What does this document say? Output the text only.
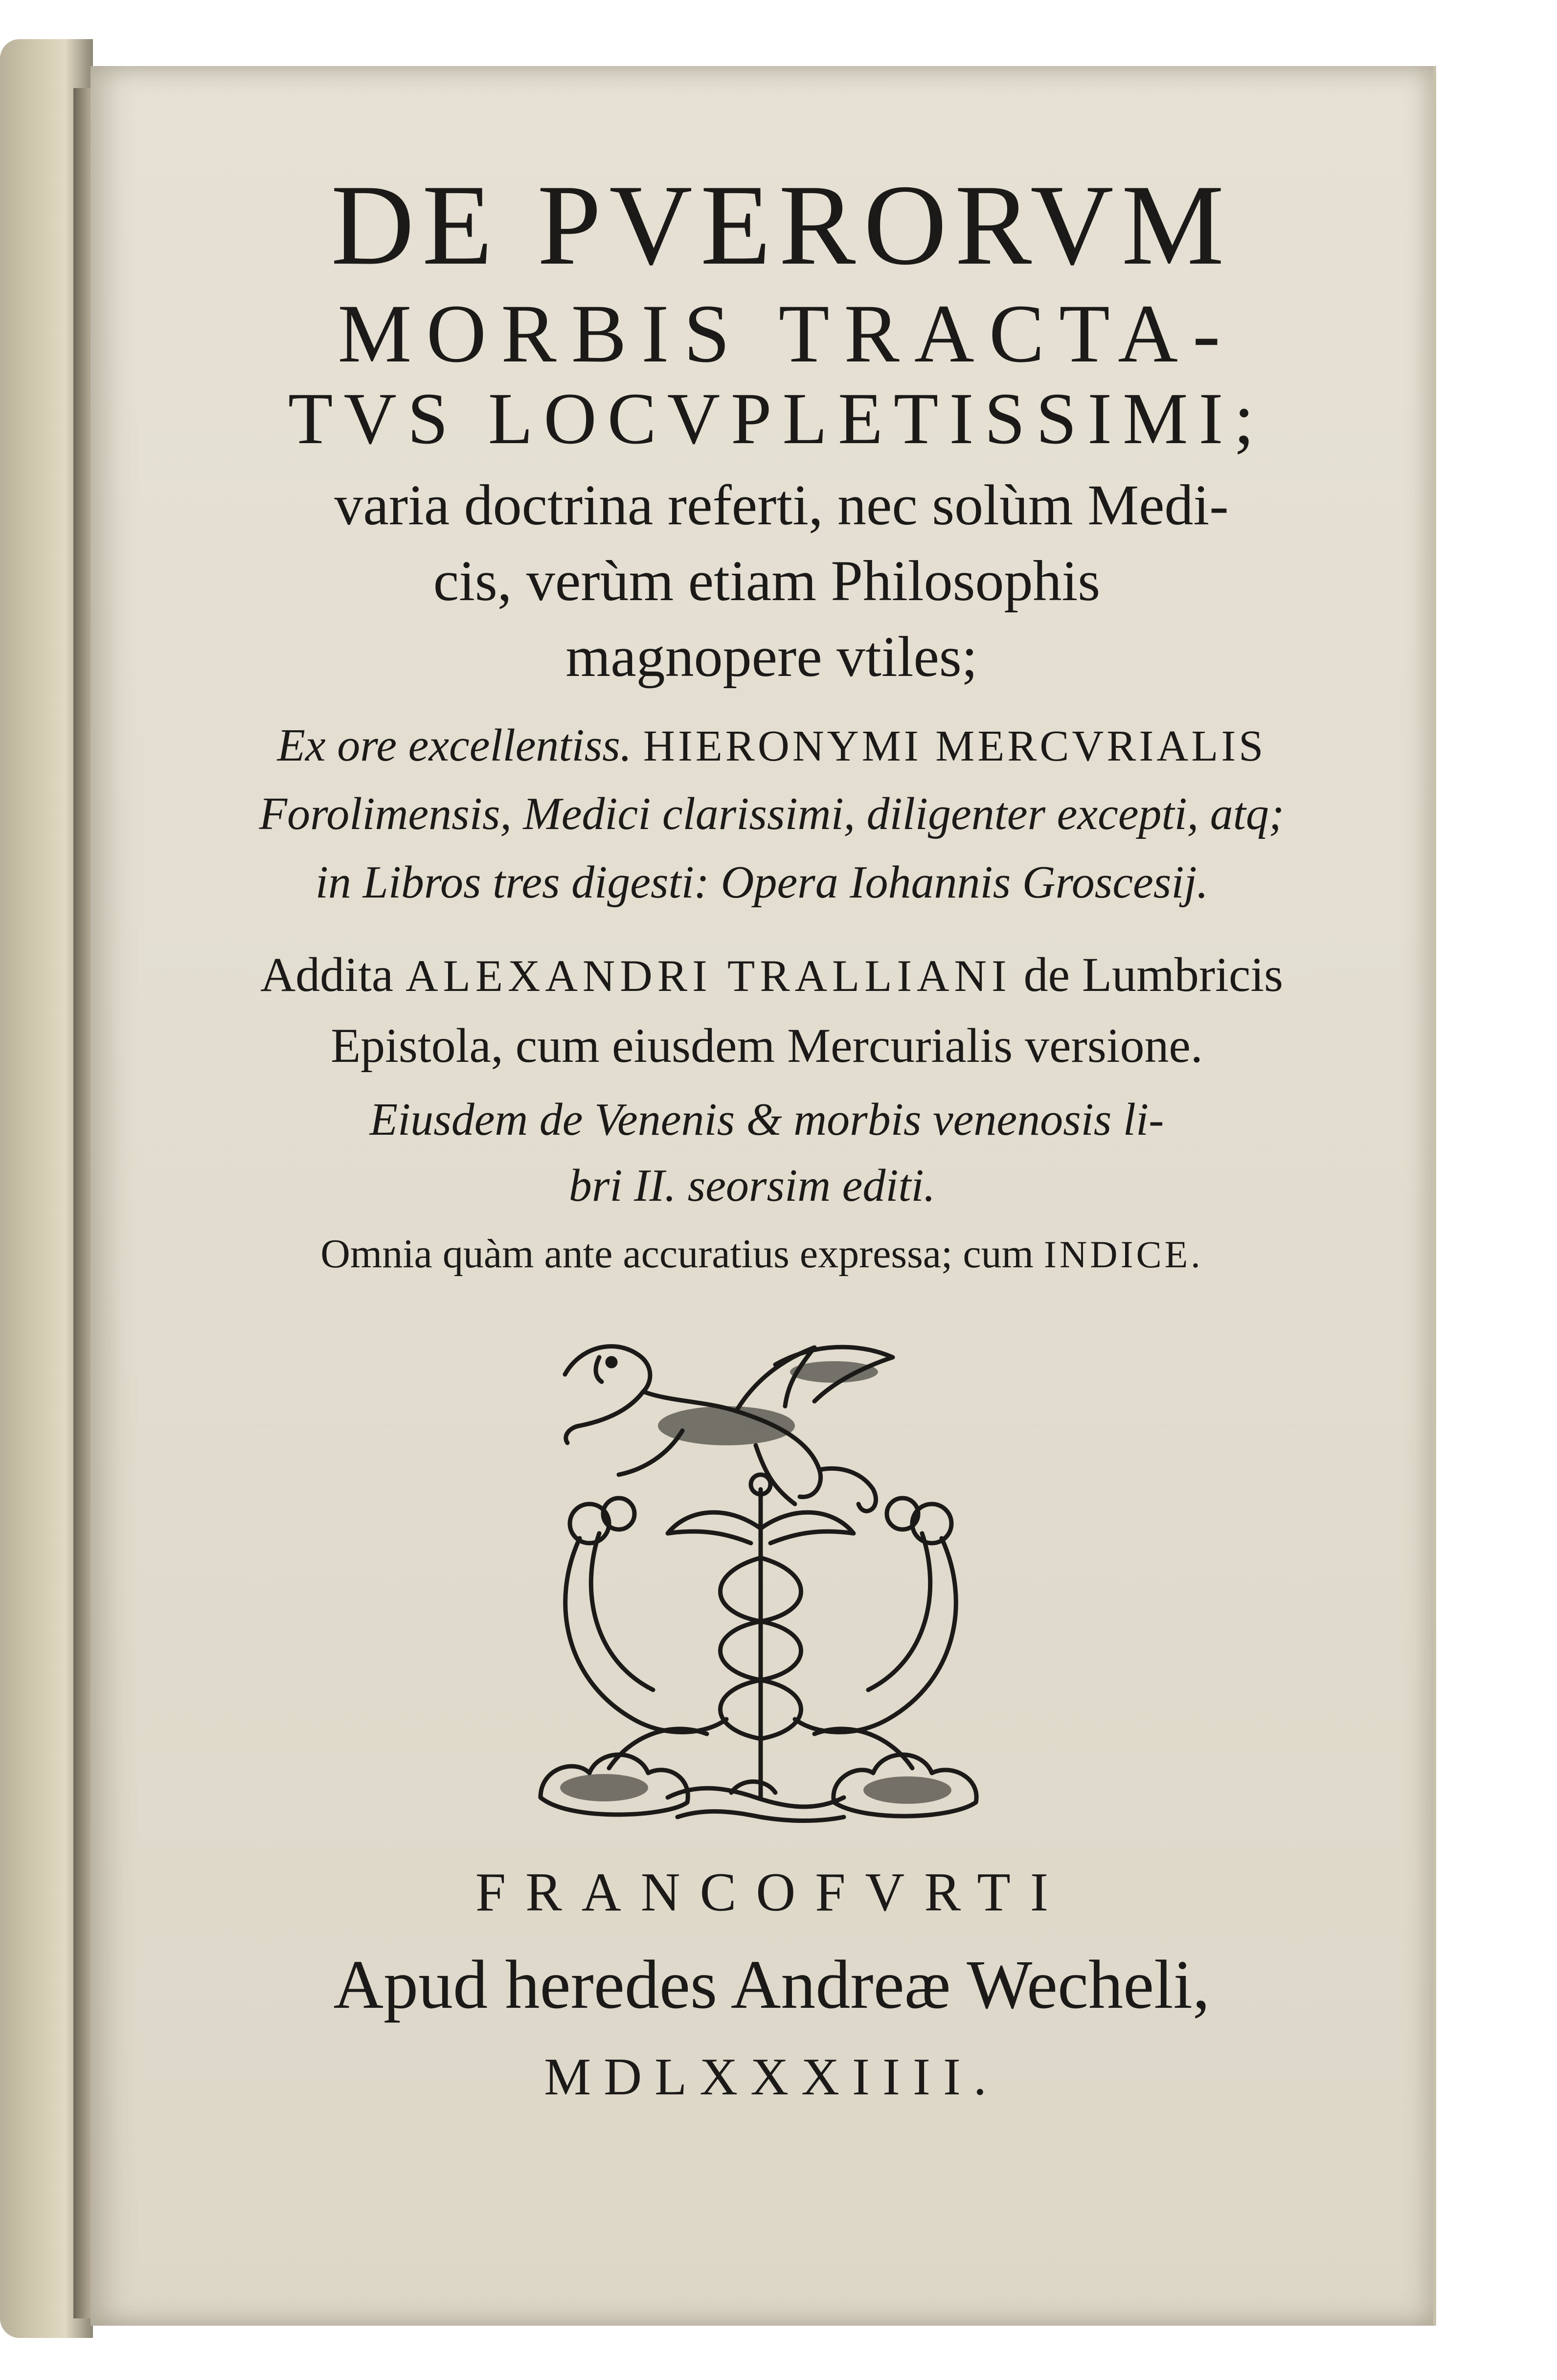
DE PVERORVM
MORBIS TRACTA-
TVS LOCVPLETISSIMI;
varia doctrina referti, nec solùm Medi-
cis, verùm etiam Philosophis
magnopere vtiles;
Ex ore excellentiss. HIERONYMI MERCVRIALIS
Forolimensis, Medici clarissimi, diligenter excepti, atq;
in Libros tres digesti: Opera Iohannis Groscesij.
Addita ALEXANDRI TRALLIANI de Lumbricis
Epistola, cum eiusdem Mercurialis versione.
Eiusdem de Venenis & morbis venenosis li-
bri II. seorsim editi.
Omnia quàm ante accuratius expressa; cum INDICE.
FRANCOFVRTI
Apud heredes Andreæ Wecheli,
MDLXXXIIII.
